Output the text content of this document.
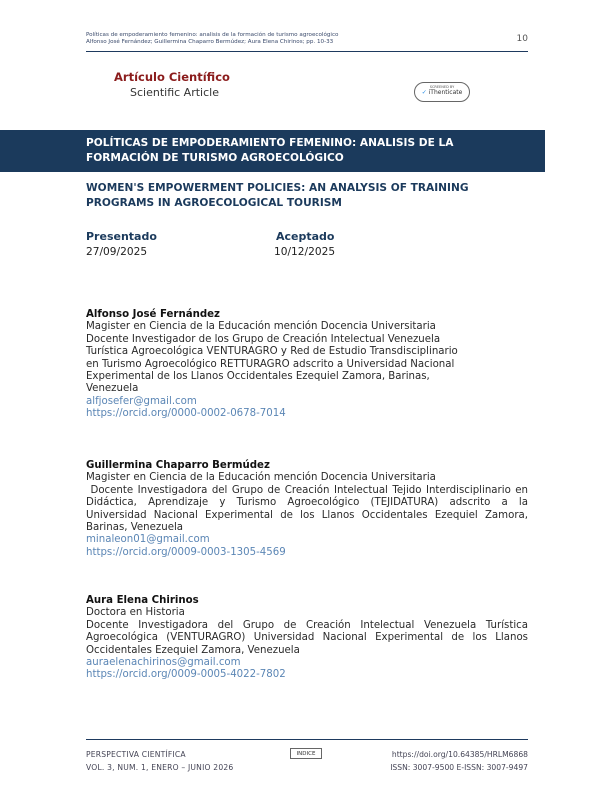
Políticas de empoderamiento femenino: analisis de la formación de turismo agroecológico
Alfonso José Fernández; Guillermina Chaparro Bermúdez; Aura Elena Chirinos; pp. 10-33	10
Artículo Científico
Scientific Article	SCREENED BY
✓ iThenticate
POLÍTICAS DE EMPODERAMIENTO FEMENINO: ANALISIS DE LA FORMACIÓN DE TURISMO AGROECOLÓGICO
WOMEN'S EMPOWERMENT POLICIES: AN ANALYSIS OF TRAINING PROGRAMS IN AGROECOLOGICAL TOURISM
Presentado
27/09/2025
Aceptado
10/12/2025
Alfonso José Fernández
Magister en Ciencia de la Educación mención Docencia Universitaria
Docente Investigador de los Grupo de Creación Intelectual Venezuela
Turística Agroecológica VENTURAGRO y Red de Estudio Transdisciplinario
en Turismo Agroecológico RETTURAGRO adscrito a Universidad Nacional
Experimental de los Llanos Occidentales Ezequiel Zamora, Barinas,
Venezuela
alfjosefer@gmail.com
https://orcid.org/0000-0002-0678-7014
Guillermina Chaparro Bermúdez
Magister en Ciencia de la Educación mención Docencia Universitaria
Docente Investigadora del Grupo de Creación Intelectual Tejido Interdisciplinario en Didáctica, Aprendizaje y Turismo Agroecológico (TEJIDATURA) adscrito a la Universidad Nacional Experimental de los Llanos Occidentales Ezequiel Zamora, Barinas, Venezuela
minaleon01@gmail.com
https://orcid.org/0009-0003-1305-4569
Aura Elena Chirinos
Doctora en Historia
Docente Investigadora del Grupo de Creación Intelectual Venezuela Turística Agroecológica (VENTURAGRO) Universidad Nacional Experimental de los Llanos Occidentales Ezequiel Zamora, Venezuela
auraelenachirinos@gmail.com
https://orcid.org/0009-0005-4022-7802
PERSPECTIVA CIENTÍFICA
VOL. 3, NUM. 1, ENERO – JUNIO 2026
INDICE	https://doi.org/10.64385/HRLM6868
ISSN: 3007-9500 E-ISSN: 3007-9497
